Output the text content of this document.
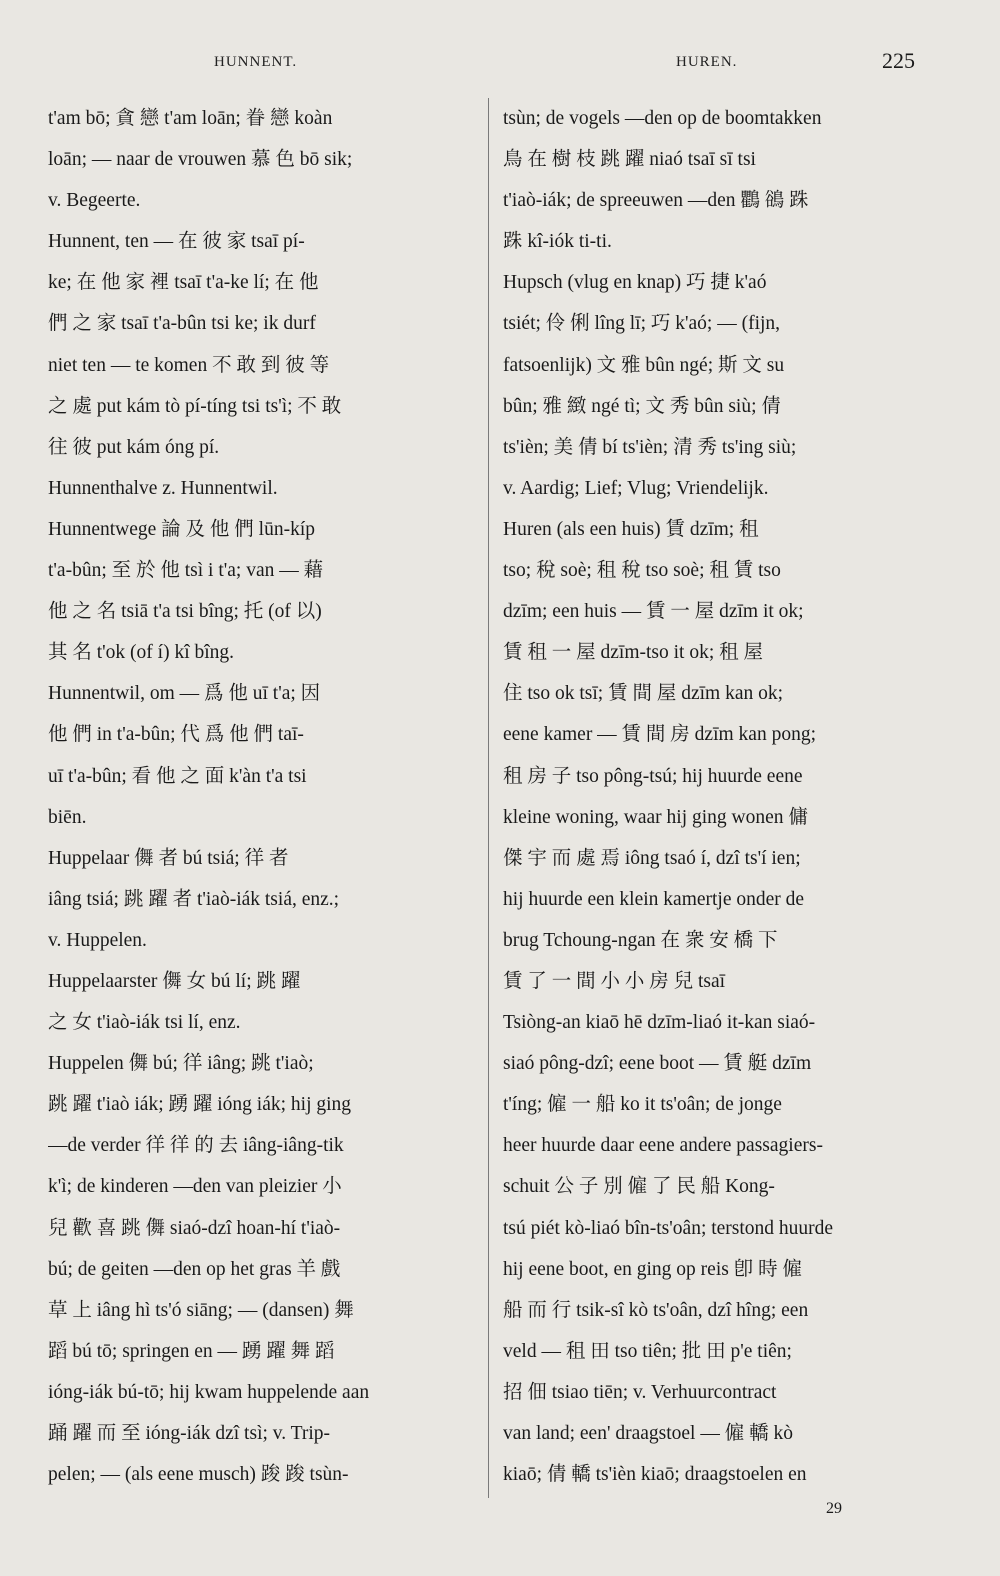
HUNNENT.	HUREN.	225
t'am bō; 貪 戀 t'am loān; 眷 戀 koàn
loān; — naar de vrouwen 慕 色 bō sik;
v. Begeerte.
Hunnent, ten — 在 彼 家 tsaī pí-
ke; 在 他 家 裡 tsaī t'a-ke lí; 在 他
們 之 家 tsaī t'a-bûn tsi ke; ik durf
niet ten — te komen 不 敢 到 彼 等
之 處 put kám tò pí-tíng tsi ts'ì; 不 敢
往 彼 put kám óng pí.
Hunnenthalve z. Hunnentwil.
Hunnentwege 論 及 他 們 lūn-kíp
t'a-bûn; 至 於 他 tsì i t'a; van — 藉
他 之 名 tsiā t'a tsi bîng; 托 (of 以)
其 名 t'ok (of í) kî bîng.
Hunnentwil, om — 爲 他 uī t'a; 因
他 們 in t'a-bûn; 代 爲 他 們 taī-
uī t'a-bûn; 看 他 之 面 k'àn t'a tsi
biēn.
Huppelaar 儛 者 bú tsiá; 徉 者
iâng tsiá; 跳 躍 者 t'iaò-iák tsiá, enz.;
v. Huppelen.
Huppelaarster 儛 女 bú lí; 跳 躍
之 女 t'iaò-iák tsi lí, enz.
Huppelen 儛 bú; 徉 iâng; 跳 t'iaò;
跳 躍 t'iaò iák; 踴 躍 ióng iák; hij ging
—de verder 徉 徉 的 去 iâng-iâng-tik
k'ì; de kinderen —den van pleizier 小
兒 歡 喜 跳 儛 siaó-dzî hoan-hí t'iaò-
bú; de geiten —den op het gras 羊 戲
草 上 iâng hì ts'ó siāng; — (dansen) 舞
蹈 bú tō; springen en — 踴 躍 舞 蹈
ióng-iák bú-tō; hij kwam huppelende aan
踊 躍 而 至 ióng-iák dzî tsì; v. Trip-
pelen; — (als eene musch) 踆 踆 tsùn-
tsùn; de vogels —den op de boomtakken
鳥 在 樹 枝 跳 躍 niaó tsaī sī tsi
t'iaò-iák; de spreeuwen —den 鸜 鵒 跦
跦 kî-iók ti-ti.
Hupsch (vlug en knap) 巧 捷 k'aó
tsiét; 伶 俐 lîng lī; 巧 k'aó; — (fijn,
fatsoenlijk) 文 雅 bûn ngé; 斯 文 su
bûn; 雅 緻 ngé tì; 文 秀 bûn siù; 倩
ts'ièn; 美 倩 bí ts'ièn; 清 秀 ts'ing siù;
v. Aardig; Lief; Vlug; Vriendelijk.
Huren (als een huis) 賃 dzīm; 租
tso; 稅 soè; 租 稅 tso soè; 租 賃 tso
dzīm; een huis — 賃 一 屋 dzīm it ok;
賃 租 一 屋 dzīm-tso it ok; 租 屋
住 tso ok tsī; 賃 間 屋 dzīm kan ok;
eene kamer — 賃 間 房 dzīm kan pong;
租 房 子 tso pông-tsú; hij huurde eene
kleine woning, waar hij ging wonen 傭
傑 宇 而 處 焉 iông tsaó í, dzî ts'í ien;
hij huurde een klein kamertje onder de
brug Tchoung-ngan 在 衆 安 橋 下
賃 了 一 間 小 小 房 兒 tsaī
Tsiòng-an kiaō hē dzīm-liaó it-kan siaó-
siaó pông-dzî; eene boot — 賃 艇 dzīm
t'íng; 僱 一 船 ko it ts'oân; de jonge
heer huurde daar eene andere passagiers-
schuit 公 子 別 僱 了 民 船 Kong-
tsú piét kò-liaó bîn-ts'oân; terstond huurde
hij eene boot, en ging op reis 卽 時 僱
船 而 行 tsik-sî kò ts'oân, dzî hîng; een
veld — 租 田 tso tiên; 批 田 p'e tiên;
招 佃 tsiao tiēn; v. Verhuurcontract
van land; een' draagstoel — 僱 轎 kò
kiaō; 倩 轎 ts'ièn kiaō; draagstoelen en
29
